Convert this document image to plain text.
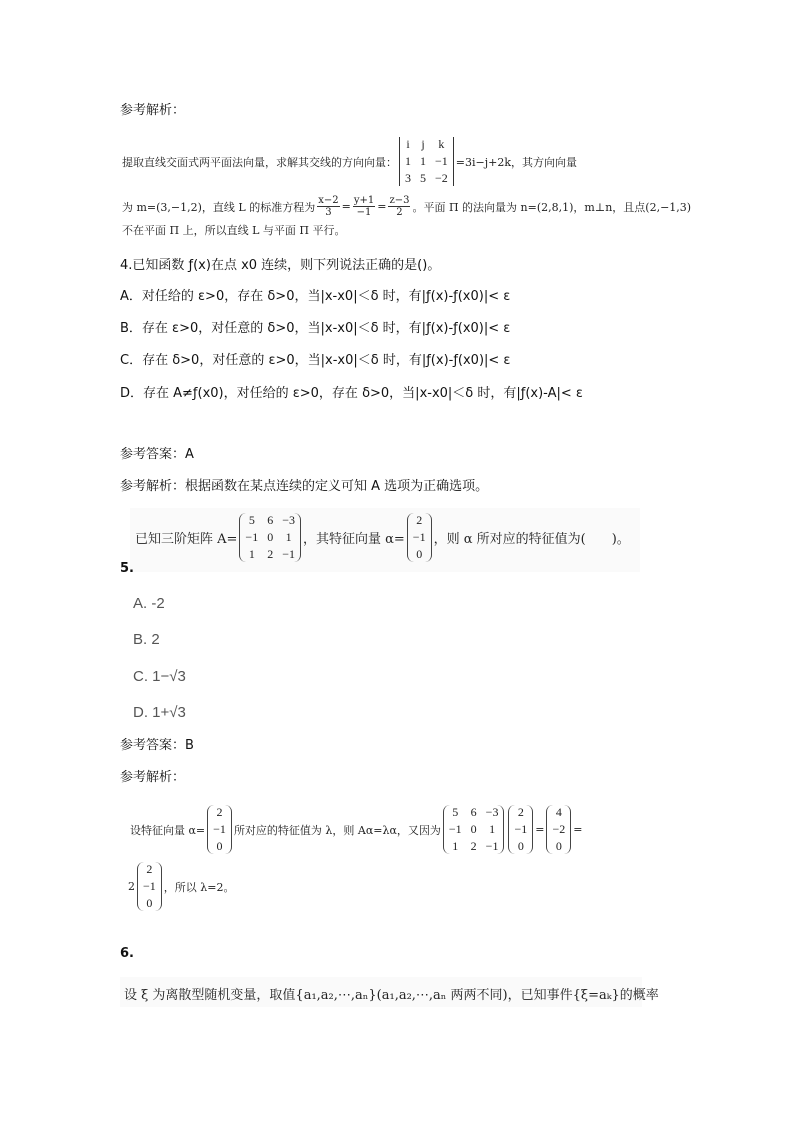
参考解析：
提取直线交面式两平面法向量，求解其交线的方向向量：
i j k
1 1 −1
3 5 −2
=3i−j+2k，其方向向量
为 m=(3,−1,2)，直线 L 的标准方程为 $\frac{x-2}{3} = \frac{y+1}{-1} = \frac{z-3}{2}$ 。平面 Π 的法向量为 n=(2,8,1)，m⊥n，且点(2,−1,3)
不在平面 Π 上，所以直线 L 与平面 Π 平行。
4.已知函数 ƒ(x)在点 x0 连续，则下列说法正确的是()。
A．对任给的 ε>0，存在 δ>0，当|x-x0|＜δ 时，有|ƒ(x)-ƒ(x0)|< ε
B．存在 ε>0，对任意的 δ>0，当|x-x0|＜δ 时，有|ƒ(x)-ƒ(x0)|< ε
C．存在 δ>0，对任意的 ε>0，当|x-x0|＜δ 时，有|ƒ(x)-ƒ(x0)|< ε
D．存在 A≠ƒ(x0)，对任给的 ε>0，存在 δ>0，当|x-x0|＜δ 时，有|ƒ(x)-A|< ε
参考答案：A
参考解析：根据函数在某点连续的定义可知 A 选项为正确选项。
已知三阶矩阵 A=
5 6 −3
−1 0 1
1 2 −1
，其特征向量 α=
2
−1
0
，则 α 所对应的特征值为(　　)。
5.
A. -2
B. 2
C. 1−√3
D. 1+√3
参考答案：B
参考解析：
设特征向量 α=
2
−1
0
所对应的特征值为 λ，则 Aα=λα，又因为
5 6 −3
−1 0 1
1 2 −1
2
−1
0
=
4
−2
0
=
2
2
−1
0
，所以 λ=2。
6.
设 ξ 为离散型随机变量，取值{a₁,a₂,⋯,aₙ}(a₁,a₂,⋯,aₙ 两两不同)，已知事件{ξ=aₖ}的概率
